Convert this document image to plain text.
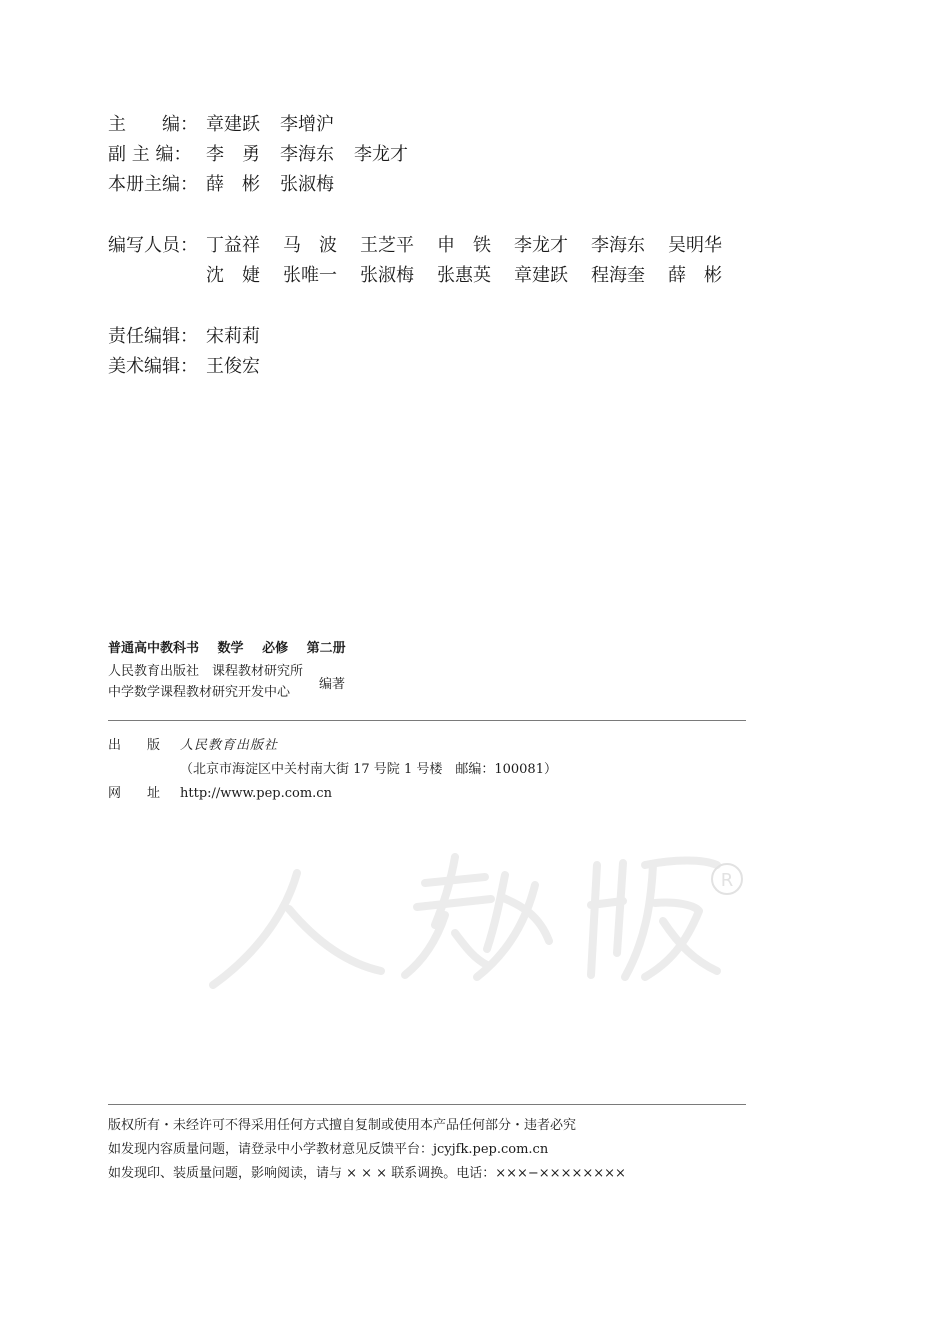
主　　编： 章建跃 李增沪
副 主 编： 李　勇 李海东 李龙才
本册主编： 薛　彬 张淑梅
编写人员： 丁益祥	马　波	王芝平	申　铁	李龙才	李海东	吴明华
沈　婕	张唯一	张淑梅	张惠英	章建跃	程海奎	薛　彬
责任编辑： 宋莉莉
美术编辑： 王俊宏
普通高中教科书 数学 必修 第二册
人民教育出版社　课程教材研究所
中学数学课程教材研究开发中心
编著
出　　版	人民教育出版社
（北京市海淀区中关村南大街 17 号院 1 号楼　邮编：100081）
网　　址	http://www.pep.com.cn
R
版权所有・未经许可不得采用任何方式擅自复制或使用本产品任何部分・违者必究
如发现内容质量问题，请登录中小学教材意见反馈平台：jcyjfk.pep.com.cn
如发现印、装质量问题，影响阅读，请与 × × × 联系调换。电话：×××−××××××××
